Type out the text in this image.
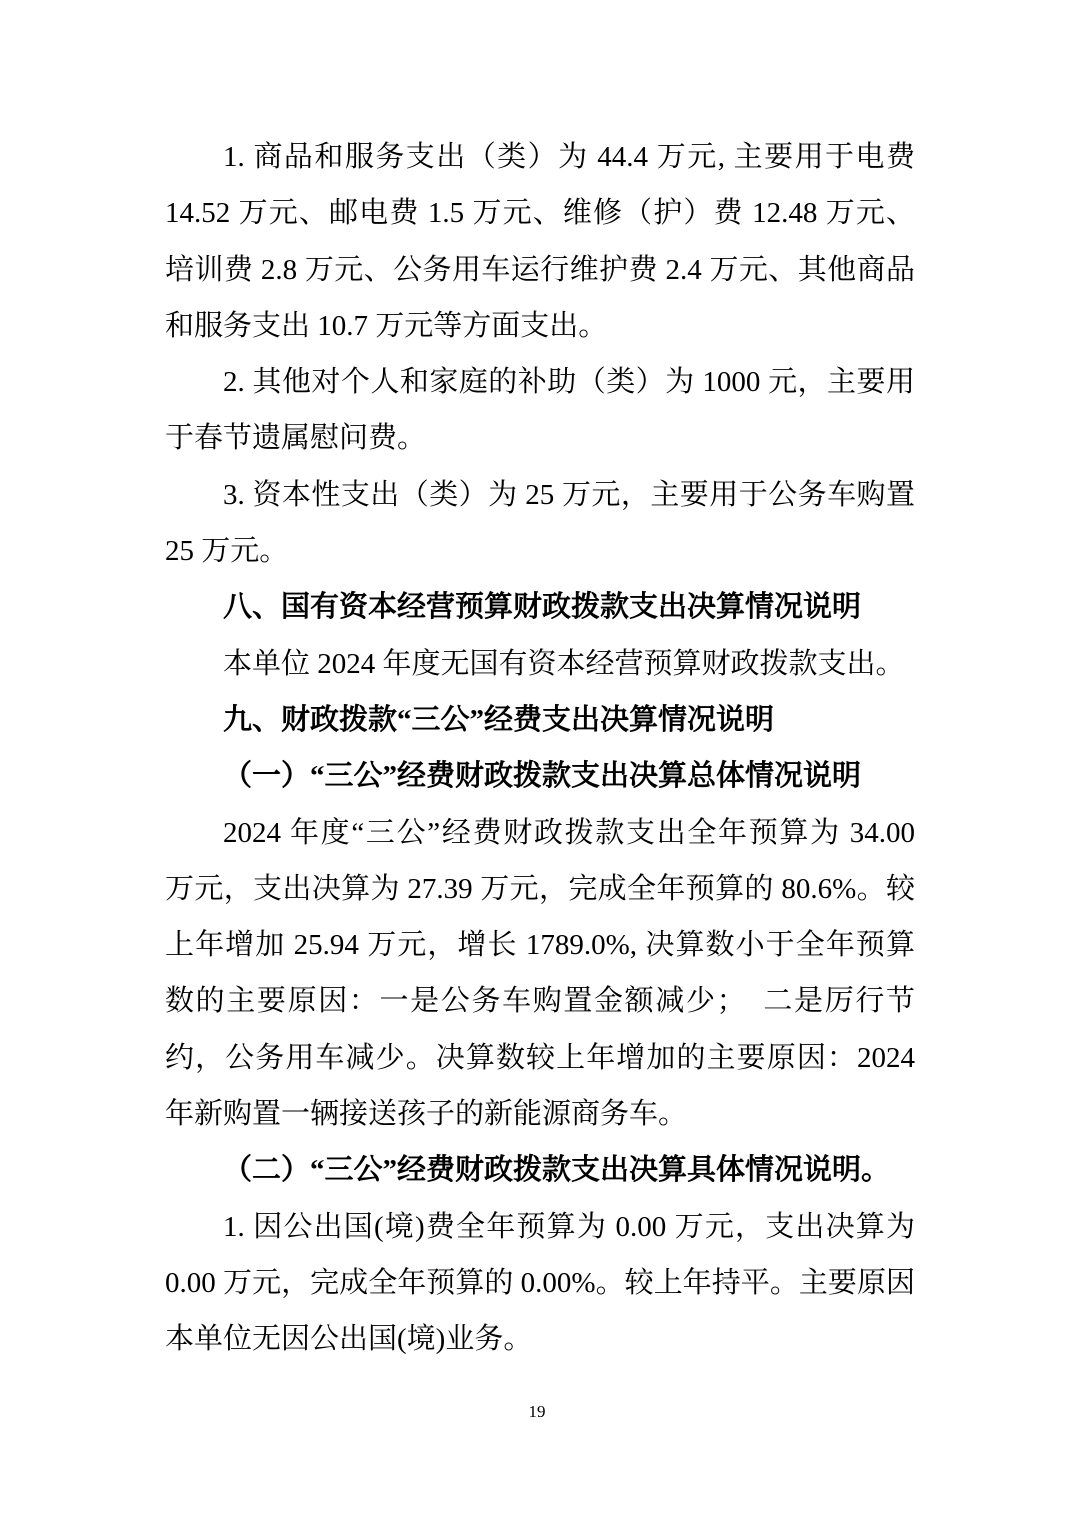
1. 商品和服务支出（类）为 44.4 万元, 主要用于电费 14.52 万元、邮电费 1.5 万元、维修（护）费 12.48 万元、培训费 2.8 万元、公务用车运行维护费 2.4 万元、其他商品和服务支出 10.7 万元等方面支出。

2. 其他对个人和家庭的补助（类）为 1000 元，主要用于春节遗属慰问费。

3. 资本性支出（类）为 25 万元，主要用于公务车购置 25 万元。

八、国有资本经营预算财政拨款支出决算情况说明

本单位 2024 年度无国有资本经营预算财政拨款支出。

九、财政拨款“三公”经费支出决算情况说明

（一）“三公”经费财政拨款支出决算总体情况说明

2024 年度“三公”经费财政拨款支出全年预算为 34.00 万元，支出决算为 27.39 万元，完成全年预算的 80.6%。较上年增加 25.94 万元，增长 1789.0%, 决算数小于全年预算数的主要原因：一是公务车购置金额减少；　二是厉行节约，公务用车减少。决算数较上年增加的主要原因：2024 年新购置一辆接送孩子的新能源商务车。

（二）“三公”经费财政拨款支出决算具体情况说明。

1. 因公出国(境)费全年预算为 0.00 万元，支出决算为 0.00 万元，完成全年预算的 0.00%。较上年持平。主要原因本单位无因公出国(境)业务。

19
